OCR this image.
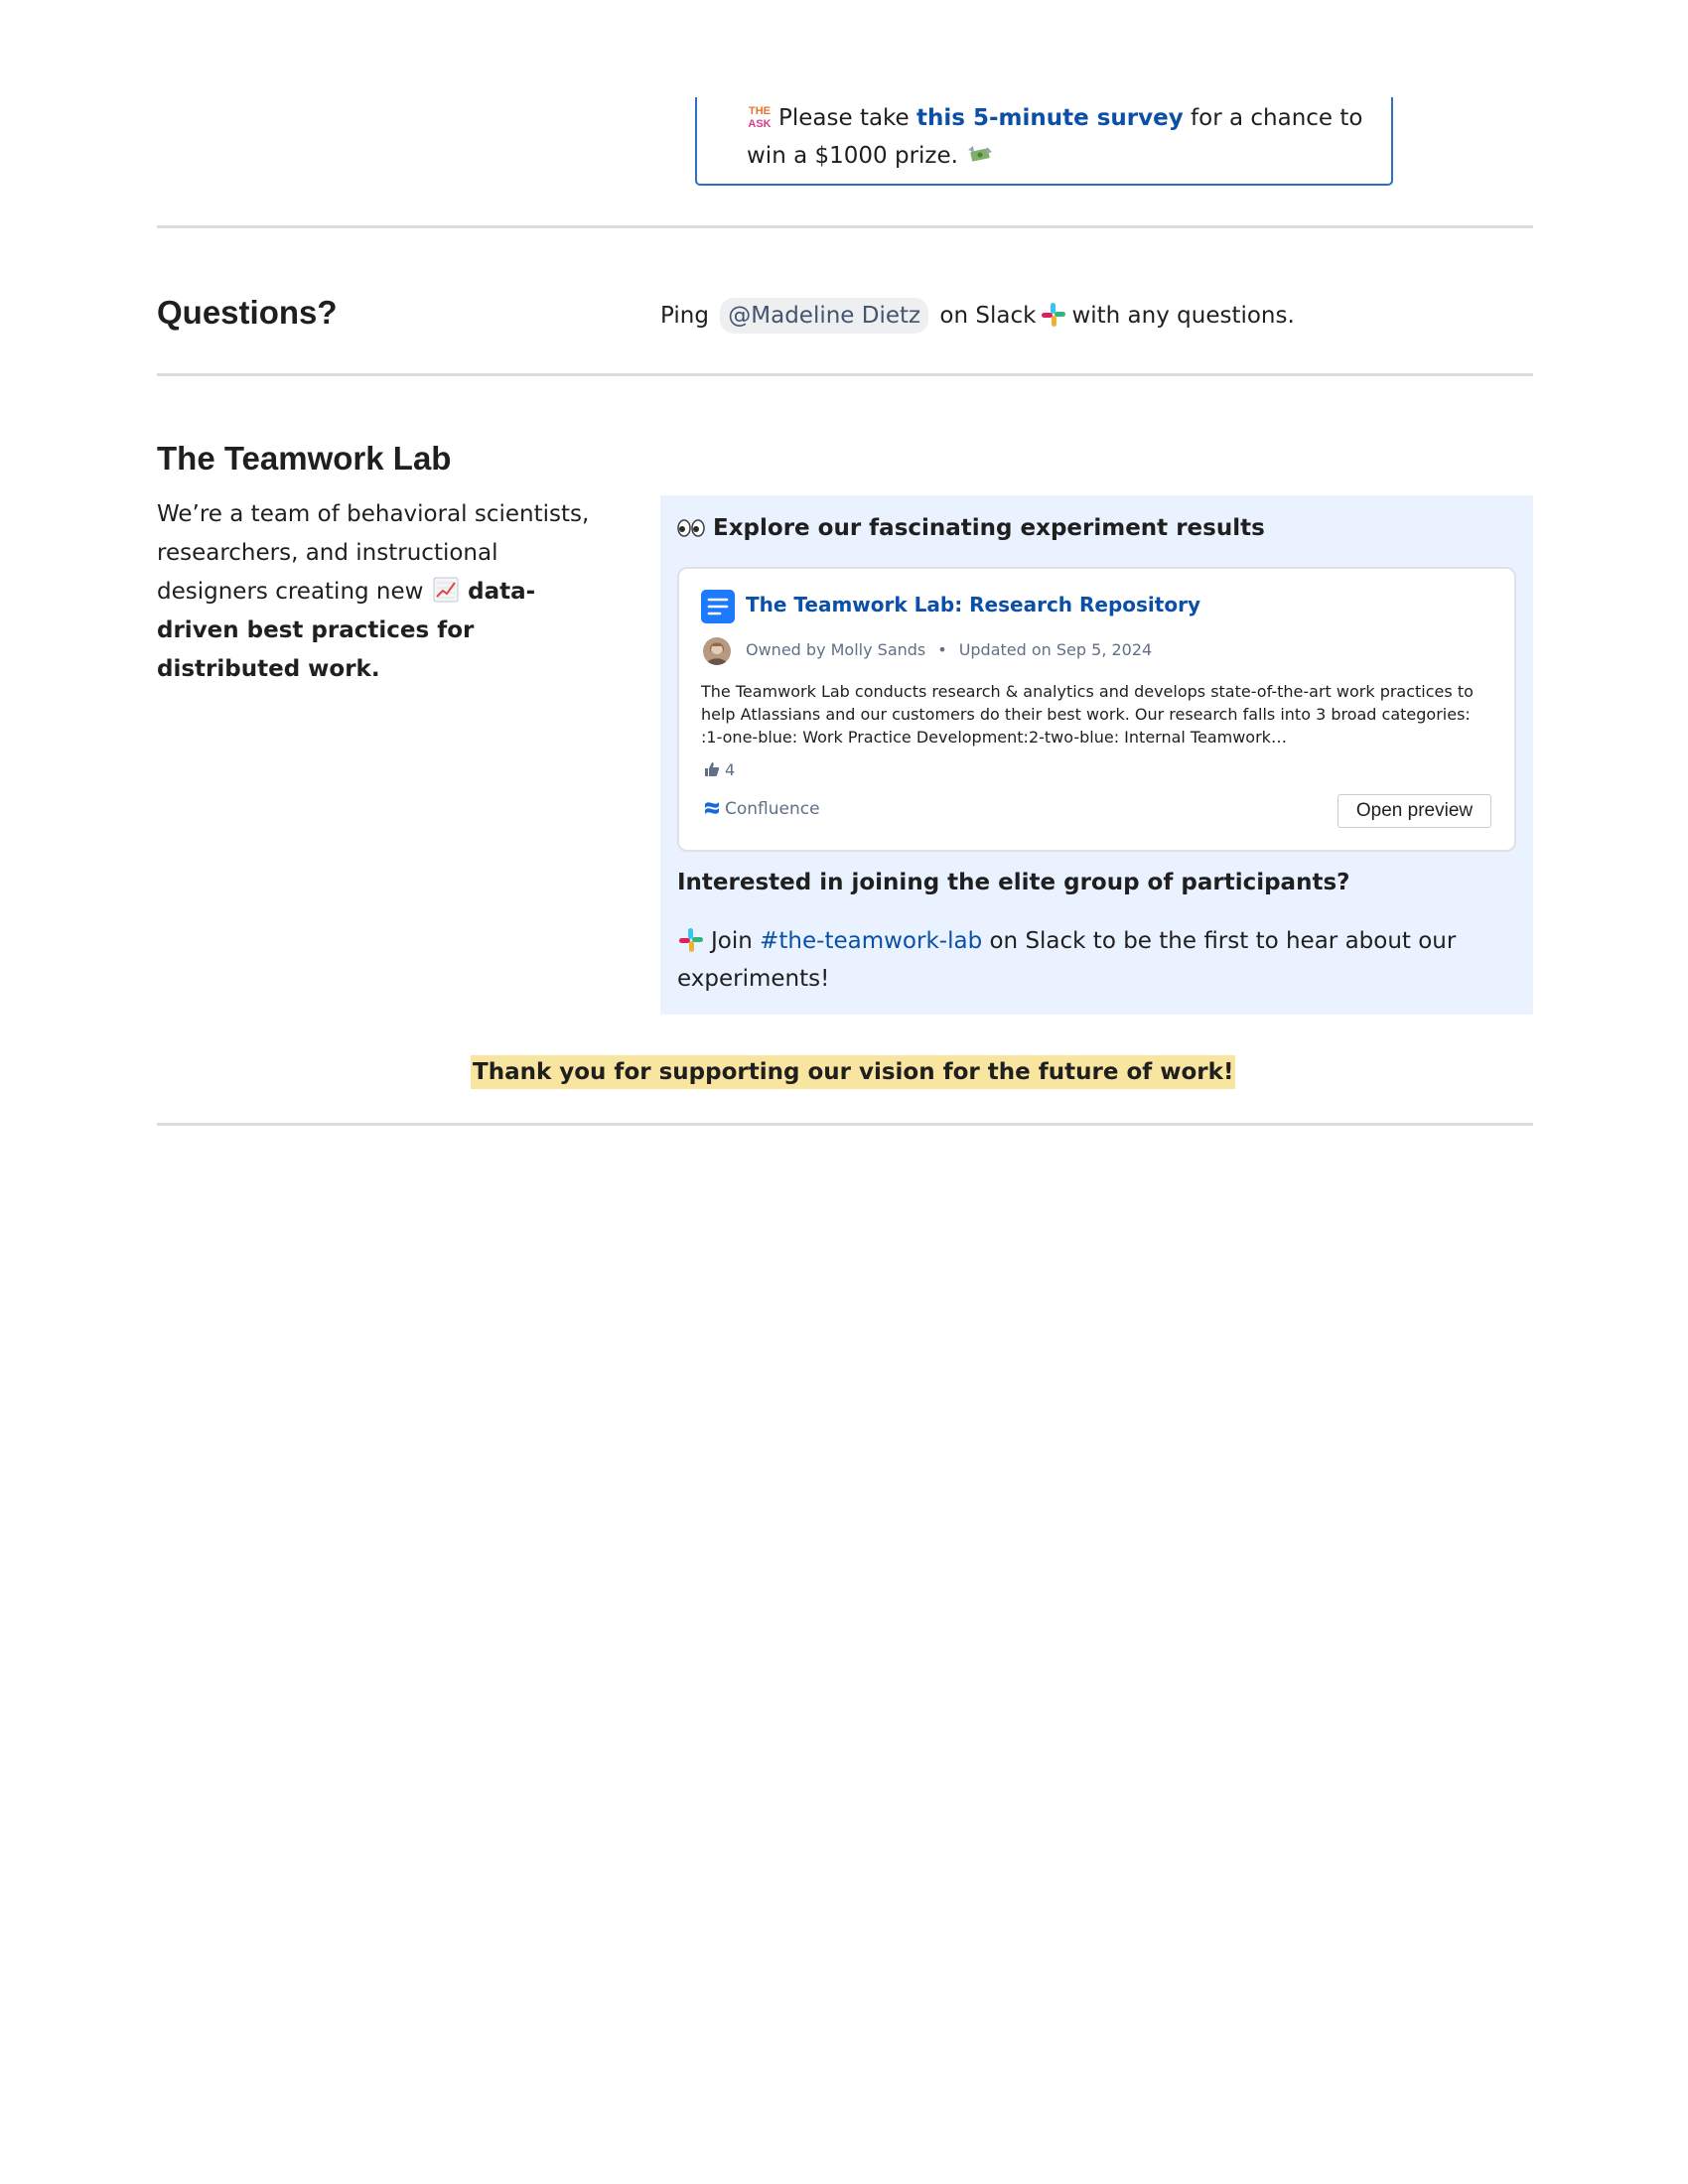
THE
ASK Please take this 5-minute survey for a chance to win a $1000 prize.
Questions?	Ping @Madeline Dietz on Slack with any questions.
The Teamwork Lab
We’re a team of behavioral scientists, researchers, and instructional designers creating new data-driven best practices for distributed work.
Explore our fascinating experiment results
The Teamwork Lab: Research Repository
Owned by Molly Sands • Updated on Sep 5, 2024
The Teamwork Lab conducts research & analytics and develops state-of-the-art work practices to help Atlassians and our customers do their best work. Our research falls into 3 broad categories: :1-one-blue: Work Practice Development:2-two-blue: Internal Teamwork…
4
Confluence	Open preview
Interested in joining the elite group of participants?
Join #the-teamwork-lab on Slack to be the first to hear about our experiments!
Thank you for supporting our vision for the future of work!
